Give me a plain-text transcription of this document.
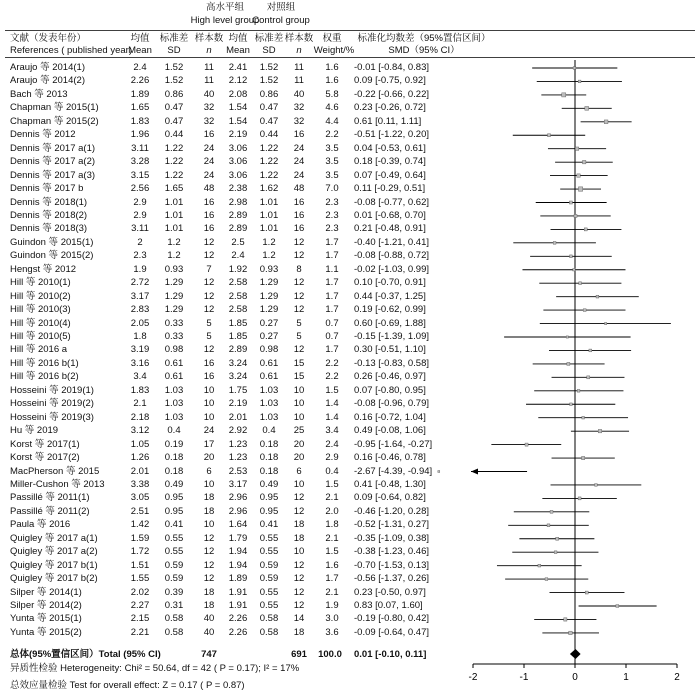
高水平组
High level group
对照组
Control group
文献（发表年份）
References ( published year)
均值	标准差 样本数 均值 标准差 样本数 权重	标准化均数差（95%置信区间）
Mean	SD	n	Mean	SD	n	Weight/%	SMD（95% CI）
Araujo 等 2014(1)	2.4	1.52	11	2.41	1.52	11	1.6	-0.01 [-0.84, 0.83]
Araujo 等 2014(2)	2.26	1.52	11	2.12	1.52	11	1.6	0.09 [-0.75, 0.92]
Bach 等 2013	1.89	0.86	40	2.08	0.86	40	5.8	-0.22 [-0.66, 0.22]
Chapman 等 2015(1)	1.65	0.47	32	1.54	0.47	32	4.6	0.23 [-0.26, 0.72]
Chapman 等 2015(2)	1.83	0.47	32	1.54	0.47	32	4.4	0.61 [0.11, 1.11]
Dennis 等 2012	1.96	0.44	16	2.19	0.44	16	2.2	-0.51 [-1.22, 0.20]
Dennis 等 2017 a(1)	3.11	1.22	24	3.06	1.22	24	3.5	0.04 [-0.53, 0.61]
Dennis 等 2017 a(2)	3.28	1.22	24	3.06	1.22	24	3.5	0.18 [-0.39, 0.74]
Dennis 等 2017 a(3)	3.15	1.22	24	3.06	1.22	24	3.5	0.07 [-0.49, 0.64]
Dennis 等 2017 b	2.56	1.65	48	2.38	1.62	48	7.0	0.11 [-0.29, 0.51]
Dennis 等 2018(1)	2.9	1.01	16	2.98	1.01	16	2.3	-0.08 [-0.77, 0.62]
Dennis 等 2018(2)	2.9	1.01	16	2.89	1.01	16	2.3	0.01 [-0.68, 0.70]
Dennis 等 2018(3)	3.11	1.01	16	2.89	1.01	16	2.3	0.21 [-0.48, 0.91]
Guindon 等 2015(1)	2	1.2	12	2.5	1.2	12	1.7	-0.40 [-1.21, 0.41]
Guindon 等 2015(2)	2.3	1.2	12	2.4	1.2	12	1.7	-0.08 [-0.88, 0.72]
Hengst 等 2012	1.9	0.93	7	1.92	0.93	8	1.1	-0.02 [-1.03, 0.99]
Hill 等 2010(1)	2.72	1.29	12	2.58	1.29	12	1.7	0.10 [-0.70, 0.91]
Hill 等 2010(2)	3.17	1.29	12	2.58	1.29	12	1.7	0.44 [-0.37, 1.25]
Hill 等 2010(3)	2.83	1.29	12	2.58	1.29	12	1.7	0.19 [-0.62, 0.99]
Hill 等 2010(4)	2.05	0.33	5	1.85	0.27	5	0.7	0.60 [-0.69, 1.88]
Hill 等 2010(5)	1.8	0.33	5	1.85	0.27	5	0.7	-0.15 [-1.39, 1.09]
Hill 等 2016 a	3.19	0.98	12	2.89	0.98	12	1.7	0.30 [-0.51, 1.10]
Hill 等 2016 b(1)	3.16	0.61	16	3.24	0.61	15	2.2	-0.13 [-0.83, 0.58]
Hill 等 2016 b(2)	3.4	0.61	16	3.24	0.61	15	2.2	0.26 [-0.46, 0.97]
Hosseini 等 2019(1)	1.83	1.03	10	1.75	1.03	10	1.5	0.07 [-0.80, 0.95]
Hosseini 等 2019(2)	2.1	1.03	10	2.19	1.03	10	1.4	-0.08 [-0.96, 0.79]
Hosseini 等 2019(3)	2.18	1.03	10	2.01	1.03	10	1.4	0.16 [-0.72, 1.04]
Hu 等 2019	3.12	0.4	24	2.92	0.4	25	3.4	0.49 [-0.08, 1.06]
Korst 等 2017(1)	1.05	0.19	17	1.23	0.18	20	2.4	-0.95 [-1.64, -0.27]
Korst 等 2017(2)	1.26	0.18	20	1.23	0.18	20	2.9	0.16 [-0.46, 0.78]
MacPherson 等 2015	2.01	0.18	6	2.53	0.18	6	0.4	-2.67 [-4.39, -0.94]
Miller-Cushon 等 2013	3.38	0.49	10	3.17	0.49	10	1.5	0.41 [-0.48, 1.30]
Passillé 等 2011(1)	3.05	0.95	18	2.96	0.95	12	2.1	0.09 [-0.64, 0.82]
Passillé 等 2011(2)	2.51	0.95	18	2.96	0.95	12	2.0	-0.46 [-1.20, 0.28]
Paula 等 2016	1.42	0.41	10	1.64	0.41	18	1.8	-0.52 [-1.31, 0.27]
Quigley 等 2017 a(1)	1.59	0.55	12	1.79	0.55	18	2.1	-0.35 [-1.09, 0.38]
Quigley 等 2017 a(2)	1.72	0.55	12	1.94	0.55	10	1.5	-0.38 [-1.23, 0.46]
Quigley 等 2017 b(1)	1.51	0.59	12	1.94	0.59	12	1.6	-0.70 [-1.53, 0.13]
Quigley 等 2017 b(2)	1.55	0.59	12	1.89	0.59	12	1.7	-0.56 [-1.37, 0.26]
Silper 等 2014(1)	2.02	0.39	18	1.91	0.55	12	2.1	0.23 [-0.50, 0.97]
Silper 等 2014(2)	2.27	0.31	18	1.91	0.55	12	1.9	0.83 [0.07, 1.60]
Yunta 等 2015(1)	2.15	0.58	40	2.26	0.58	14	3.0	-0.19 [-0.80, 0.42]
Yunta 等 2015(2)	2.21	0.58	40	2.26	0.58	18	3.6	-0.09 [-0.64, 0.47]
-2	-1	0	1	2
总体(95%置信区间）Total (95% CI)	747	691	100.0	0.01 [-0.10, 0.11]
异质性检验 Heterogeneity: Chi² = 50.64, df = 42 ( P = 0.17); I² = 17%
总效应量检验 Test for overall effect: Z = 0.17 ( P = 0.87)
